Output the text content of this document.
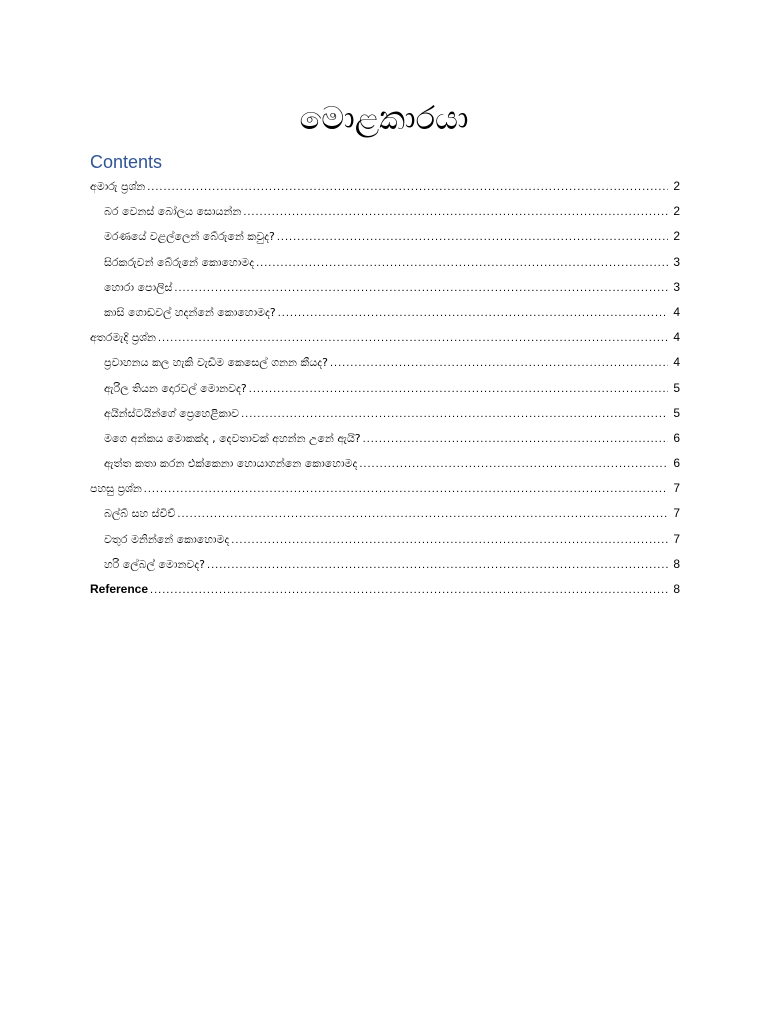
මොළකාරයා
Contents
අමාරු ප්‍රශ්න .....	2
බර වෙනස් බෝලය සොයන්න .....	2
මරණයේ වළල්ලෙන් බේරුනේ කවුද? .....	2
සිරකරුවන් බේරුනේ කොහොමද .....	3
හොරා පොලිස් .....	3
කාසි ගොඩවල් හදන්නේ කොහොමද? .....	4
අතරමැදි ප්‍රශ්න .....	4
ප්‍රවාහනය කල හැකි වැඩිම කෙසෙල් ගනන කීයද? .....	4
ඇරිල තියන දොරවල් මොනවද? .....	5
අයින්ස්ටයින්ගේ ප්‍රෙහෙළිකාව .....	5
මගෙ අන්කය මොකක්ද , දෙවතාවක් අහන්න උනේ ඇයි? .....	6
ඇත්ත කතා කරන එක්කෙනා හොයාගන්නෙ කොහොමද .....	6
පහසු ප්‍රශ්න .....	7
බල්බ් සහ ස්විච් .....	7
වතුර මනින්නේ කොහොමද .....	7
හරි ලේබල් මොනවද? .....	8
Reference .....	8
